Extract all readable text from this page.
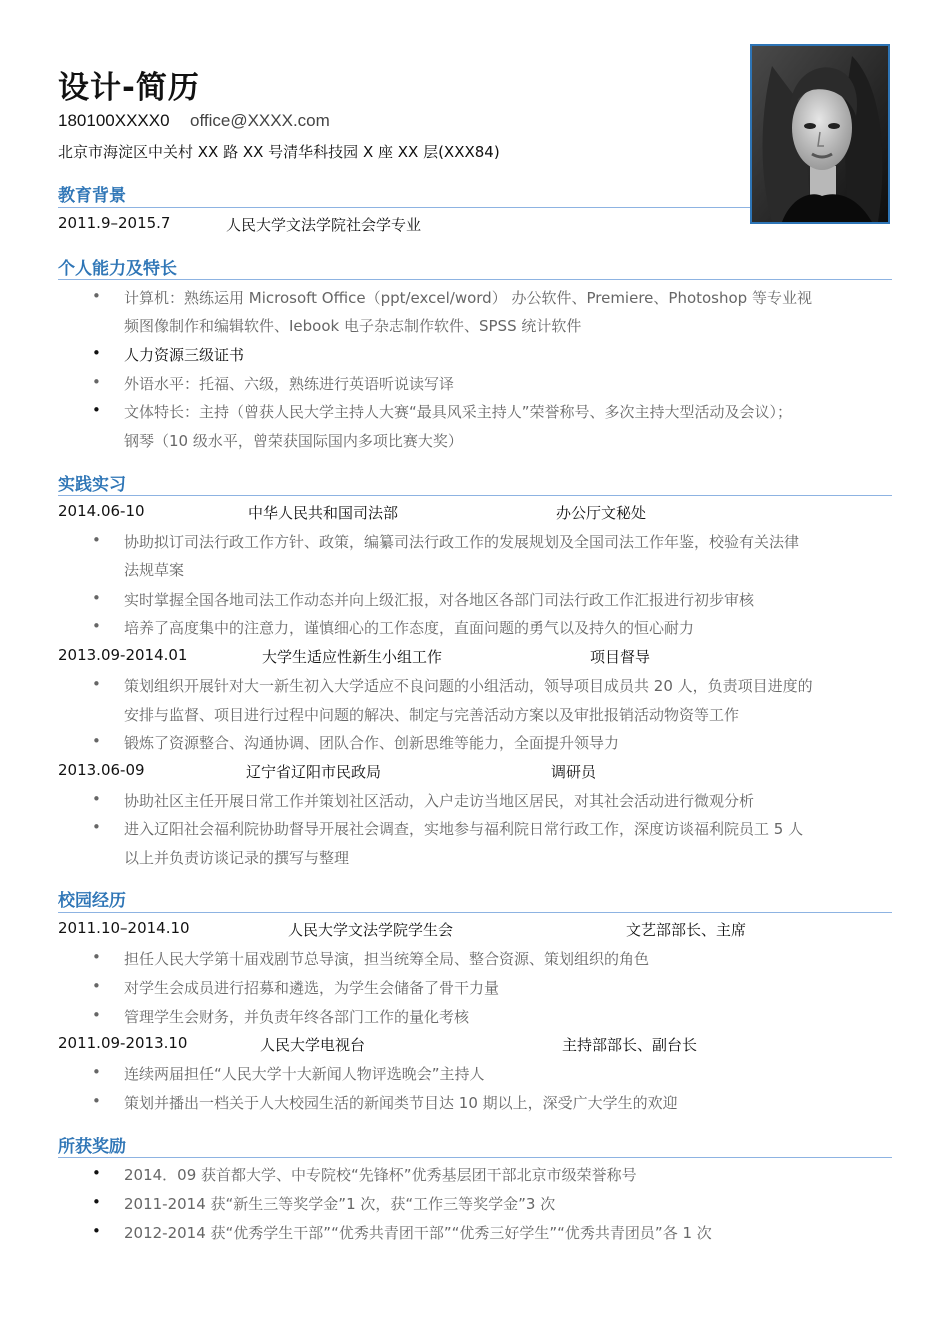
设计-简历
180100XXXX0 office@XXXX.com
北京市海淀区中关村 XX 路 XX 号清华科技园 X 座 XX 层(XXX84)
教育背景
2011.9–2015.7	人民大学文法学院社会学专业
个人能力及特长
• 计算机：熟练运用 Microsoft Office（ppt/excel/word） 办公软件、Premiere、Photoshop 等专业视
频图像制作和编辑软件、Iebook 电子杂志制作软件、SPSS 统计软件
• 人力资源三级证书
• 外语水平：托福、六级，熟练进行英语听说读写译
• 文体特长：主持（曾获人民大学主持人大赛“最具风采主持人”荣誉称号、多次主持大型活动及会议）；
钢琴（10 级水平，曾荣获国际国内多项比赛大奖）
实践实习
2014.06-10	中华人民共和国司法部	办公厅文秘处
• 协助拟订司法行政工作方针、政策，编纂司法行政工作的发展规划及全国司法工作年鉴，校验有关法律
法规草案
• 实时掌握全国各地司法工作动态并向上级汇报，对各地区各部门司法行政工作汇报进行初步审核
• 培养了高度集中的注意力，谨慎细心的工作态度，直面问题的勇气以及持久的恒心耐力
2013.09-2014.01	大学生适应性新生小组工作	项目督导
• 策划组织开展针对大一新生初入大学适应不良问题的小组活动，领导项目成员共 20 人，负责项目进度的
安排与监督、项目进行过程中问题的解决、制定与完善活动方案以及审批报销活动物资等工作
• 锻炼了资源整合、沟通协调、团队合作、创新思维等能力，全面提升领导力
2013.06-09	辽宁省辽阳市民政局	调研员
• 协助社区主任开展日常工作并策划社区活动，入户走访当地区居民，对其社会活动进行微观分析
• 进入辽阳社会福利院协助督导开展社会调查，实地参与福利院日常行政工作，深度访谈福利院员工 5 人
以上并负责访谈记录的撰写与整理
校园经历
2011.10–2014.10	人民大学文法学院学生会	文艺部部长、主席
• 担任人民大学第十届戏剧节总导演，担当统筹全局、整合资源、策划组织的角色
• 对学生会成员进行招募和遴选，为学生会储备了骨干力量
• 管理学生会财务，并负责年终各部门工作的量化考核
2011.09-2013.10	人民大学电视台	主持部部长、副台长
• 连续两届担任“人民大学十大新闻人物评选晚会”主持人
• 策划并播出一档关于人大校园生活的新闻类节目达 10 期以上，深受广大学生的欢迎
所获奖励
• 2014．09 获首都大学、中专院校“先锋杯”优秀基层团干部北京市级荣誉称号
• 2011-2014 获“新生三等奖学金”1 次，获“工作三等奖学金”3 次
• 2012-2014 获“优秀学生干部”“优秀共青团干部”“优秀三好学生”“优秀共青团员”各 1 次
